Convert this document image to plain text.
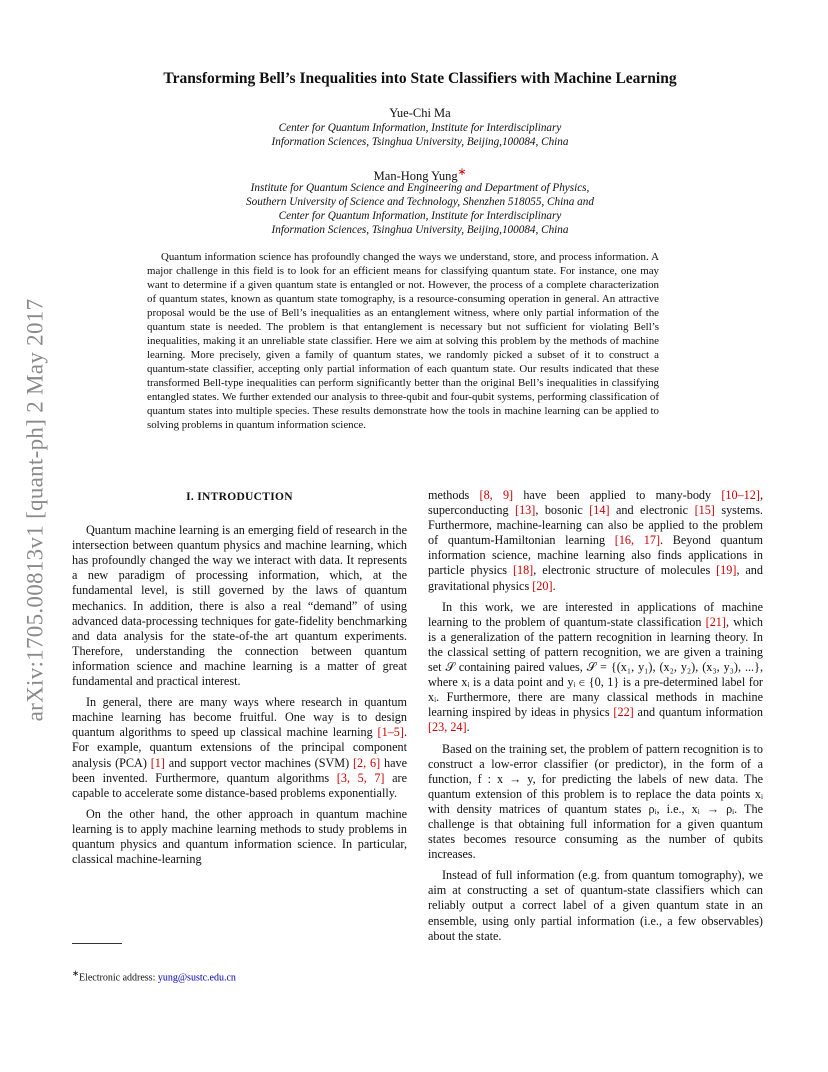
arXiv:1705.00813v1 [quant-ph] 2 May 2017
Transforming Bell’s Inequalities into State Classifiers with Machine Learning
Yue-Chi Ma
Center for Quantum Information, Institute for Interdisciplinary
Information Sciences, Tsinghua University, Beijing,100084, China
Man-Hong Yung∗
Institute for Quantum Science and Engineering and Department of Physics,
Southern University of Science and Technology, Shenzhen 518055, China and
Center for Quantum Information, Institute for Interdisciplinary
Information Sciences, Tsinghua University, Beijing,100084, China
Quantum information science has profoundly changed the ways we understand, store, and process information. A major challenge in this field is to look for an efficient means for classifying quantum state. For instance, one may want to determine if a given quantum state is entangled or not. However, the process of a complete characterization of quantum states, known as quantum state tomography, is a resource-consuming operation in general. An attractive proposal would be the use of Bell’s inequalities as an entanglement witness, where only partial information of the quantum state is needed. The problem is that entanglement is necessary but not sufficient for violating Bell’s inequalities, making it an unreliable state classifier. Here we aim at solving this problem by the methods of machine learning. More precisely, given a family of quantum states, we randomly picked a subset of it to construct a quantum-state classifier, accepting only partial information of each quantum state. Our results indicated that these transformed Bell-type inequalities can perform significantly better than the original Bell’s inequalities in classifying entangled states. We further extended our analysis to three-qubit and four-qubit systems, performing classification of quantum states into multiple species. These results demonstrate how the tools in machine learning can be applied to solving problems in quantum information science.
I. INTRODUCTION

Quantum machine learning is an emerging field of research in the intersection between quantum physics and machine learning, which has profoundly changed the way we interact with data. It represents a new paradigm of processing information, which, at the fundamental level, is still governed by the laws of quantum mechanics. In addition, there is also a real “demand” of using advanced data-processing techniques for gate-fidelity benchmarking and data analysis for the state-of-the art quantum experiments. Therefore, understanding the connection between quantum information science and machine learning is a matter of great fundamental and practical interest.

In general, there are many ways where research in quantum machine learning has become fruitful. One way is to design quantum algorithms to speed up classical machine learning [1–5]. For example, quantum extensions of the principal component analysis (PCA) [1] and support vector machines (SVM) [2, 6] have been invented. Furthermore, quantum algorithms [3, 5, 7] are capable to accelerate some distance-based problems exponentially.

On the other hand, the other approach in quantum machine learning is to apply machine learning methods to study problems in quantum physics and quantum information science. In particular, classical machine-learning

methods [8, 9] have been applied to many-body [10–12], superconducting [13], bosonic [14] and electronic [15] systems. Furthermore, machine-learning can also be applied to the problem of quantum-Hamiltonian learning [16, 17]. Beyond quantum information science, machine learning also finds applications in particle physics [18], electronic structure of molecules [19], and gravitational physics [20].

In this work, we are interested in applications of machine learning to the problem of quantum-state classification [21], which is a generalization of the pattern recognition in learning theory. In the classical setting of pattern recognition, we are given a training set 𝒮 containing paired values, 𝒮 = {(x₁, y₁), (x₂, y₂), (x₃, y₃), ...}, where xᵢ is a data point and yᵢ ∈ {0, 1} is a pre-determined label for xᵢ. Furthermore, there are many classical methods in machine learning inspired by ideas in physics [22] and quantum information [23, 24].

Based on the training set, the problem of pattern recognition is to construct a low-error classifier (or predictor), in the form of a function, f : x → y, for predicting the labels of new data. The quantum extension of this problem is to replace the data points xᵢ with density matrices of quantum states ρᵢ, i.e., xᵢ → ρᵢ. The challenge is that obtaining full information for a given quantum states becomes resource consuming as the number of qubits increases.

Instead of full information (e.g. from quantum tomography), we aim at constructing a set of quantum-state classifiers which can reliably output a correct label of a given quantum state in an ensemble, using only partial information (i.e., a few observables) about the state.

∗Electronic address: yung@sustc.edu.cn
